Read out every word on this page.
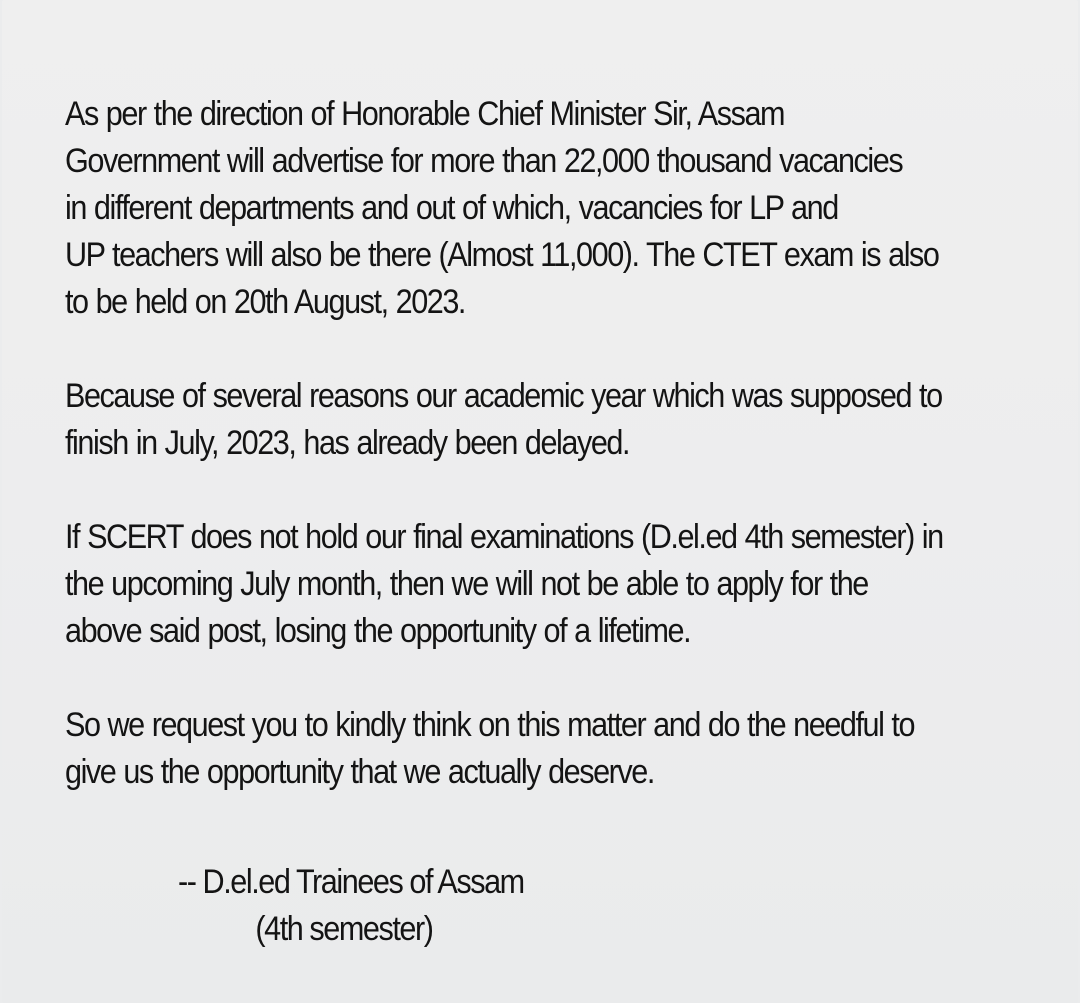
As per the direction of Honorable Chief Minister Sir, Assam
Government will advertise for more than 22,000 thousand vacancies
in different departments and out of which, vacancies for LP and
UP teachers will also be there (Almost 11,000). The CTET exam is also
to be held on 20th August, 2023.

Because of several reasons our academic year which was supposed to
finish in July, 2023, has already been delayed.

If SCERT does not hold our final examinations (D.el.ed 4th semester) in
the upcoming July month, then we will not be able to apply for the
above said post, losing the opportunity of a lifetime.

So we request you to kindly think on this matter and do the needful to
give us the opportunity that we actually deserve.

-- D.el.ed Trainees of Assam
(4th semester)
